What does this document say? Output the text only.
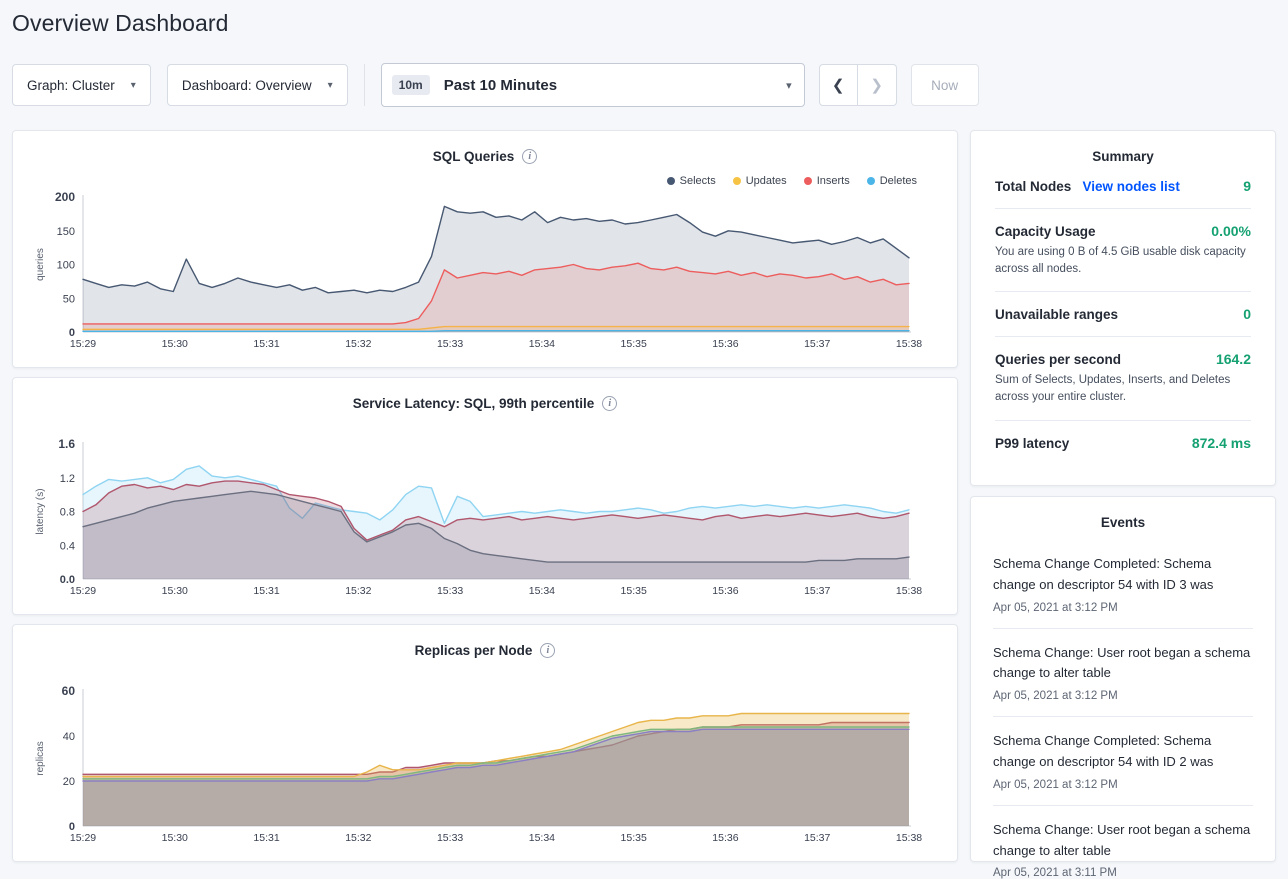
Overview Dashboard
Graph: Cluster ▾	Dashboard: Overview ▾	10m	Past 10 Minutes	▾	❮	❯	Now
SQL Queries	i
Selects	Updates	Inserts	Deletes
200
150
100
50
0
queries
15:29	15:30	15:31	15:32	15:33	15:34	15:35	15:36	15:37	15:38
Service Latency: SQL, 99th percentile	i
1.6
1.2
0.8
0.4
0.0
latency (s)
15:29	15:30	15:31	15:32	15:33	15:34	15:35	15:36	15:37	15:38
Replicas per Node	i
60
40
20
0
replicas
15:29	15:30	15:31	15:32	15:33	15:34	15:35	15:36	15:37	15:38
Summary
Total Nodes View nodes list	9
Capacity Usage	0.00%
You are using 0 B of 4.5 GiB usable disk capacity across all nodes.
Unavailable ranges	0
Queries per second	164.2
Sum of Selects, Updates, Inserts, and Deletes across your entire cluster.
P99 latency	872.4 ms
Events
Schema Change Completed: Schema change on descriptor 54 with ID 3 was
Apr 05, 2021 at 3:12 PM
Schema Change: User root began a schema change to alter table
Apr 05, 2021 at 3:12 PM
Schema Change Completed: Schema change on descriptor 54 with ID 2 was
Apr 05, 2021 at 3:12 PM
Schema Change: User root began a schema change to alter table
Apr 05, 2021 at 3:11 PM
